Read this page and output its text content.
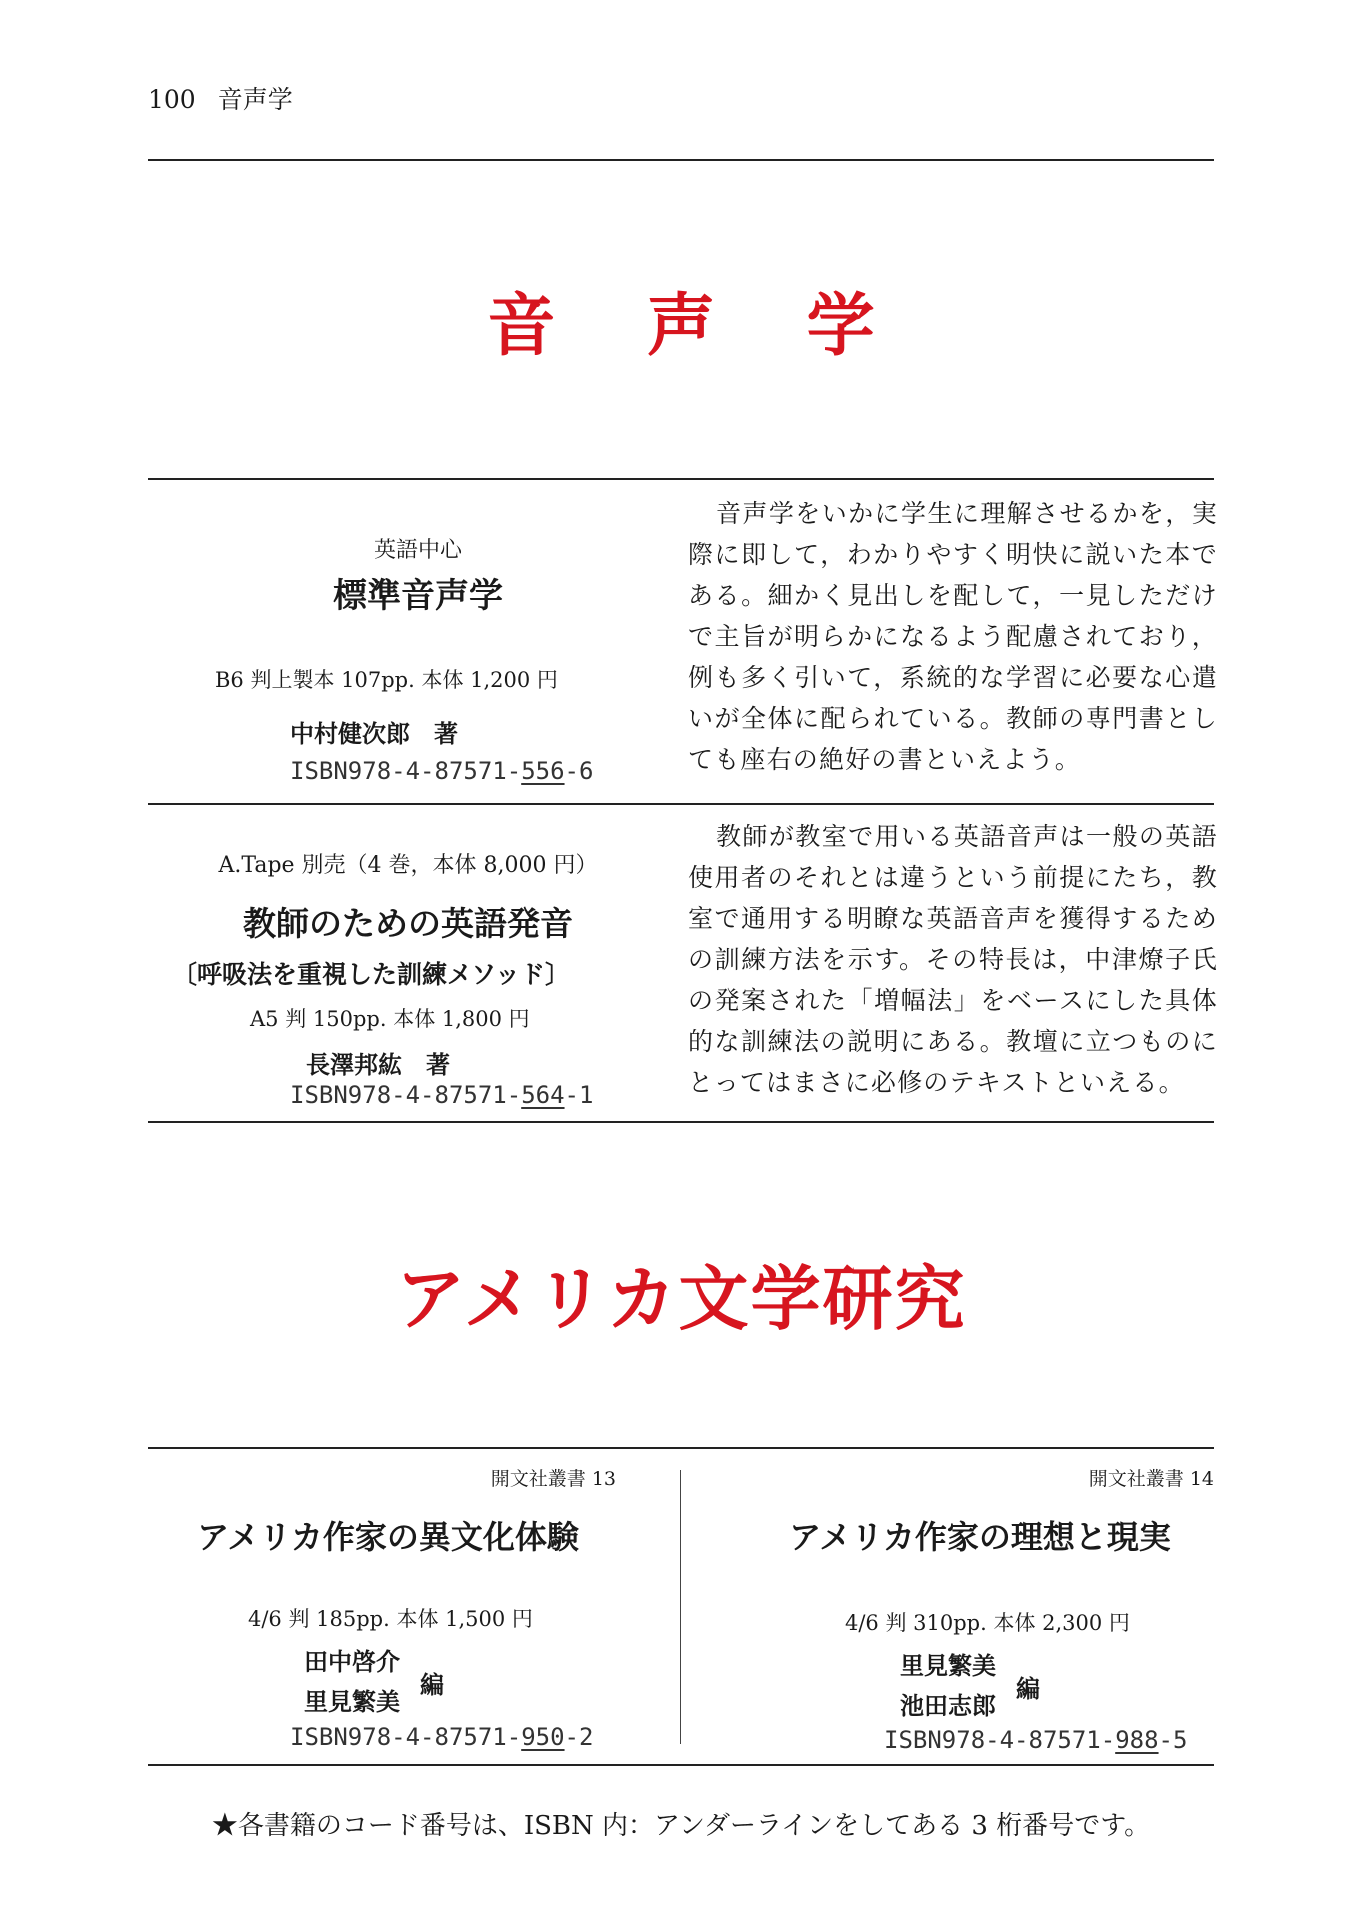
100 音声学
音 声 学
英語中心
標準音声学
B6 判上製本 107pp. 本体 1,200 円
中村健次郎 著
ISBN978-4-87571-556-6

音声学をいかに学生に理解させるかを，実際に即して，わかりやすく明快に説いた本である。細かく見出しを配して，一見しただけで主旨が明らかになるよう配慮されており，例も多く引いて，系統的な学習に必要な心遣いが全体に配られている。教師の専門書としても座右の絶好の書といえよう。

A.Tape 別売（4 巻，本体 8,000 円）
教師のための英語発音
〔呼吸法を重視した訓練メソッド〕
A5 判 150pp. 本体 1,800 円
長澤邦紘 著
ISBN978-4-87571-564-1

教師が教室で用いる英語音声は一般の英語使用者のそれとは違うという前提にたち，教室で通用する明瞭な英語音声を獲得するための訓練方法を示す。その特長は，中津燎子氏の発案された「増幅法」をベースにした具体的な訓練法の説明にある。教壇に立つものにとってはまさに必修のテキストといえる。

アメリカ文学研究
開文社叢書 13
アメリカ作家の異文化体験
4/6 判 185pp. 本体 1,500 円
田中啓介
里見繁美
編
ISBN978-4-87571-950-2
開文社叢書 14
アメリカ作家の理想と現実
4/6 判 310pp. 本体 2,300 円
里見繁美
池田志郎
編
ISBN978-4-87571-988-5
★各書籍のコード番号は、ISBN 内：アンダーラインをしてある 3 桁番号です。
